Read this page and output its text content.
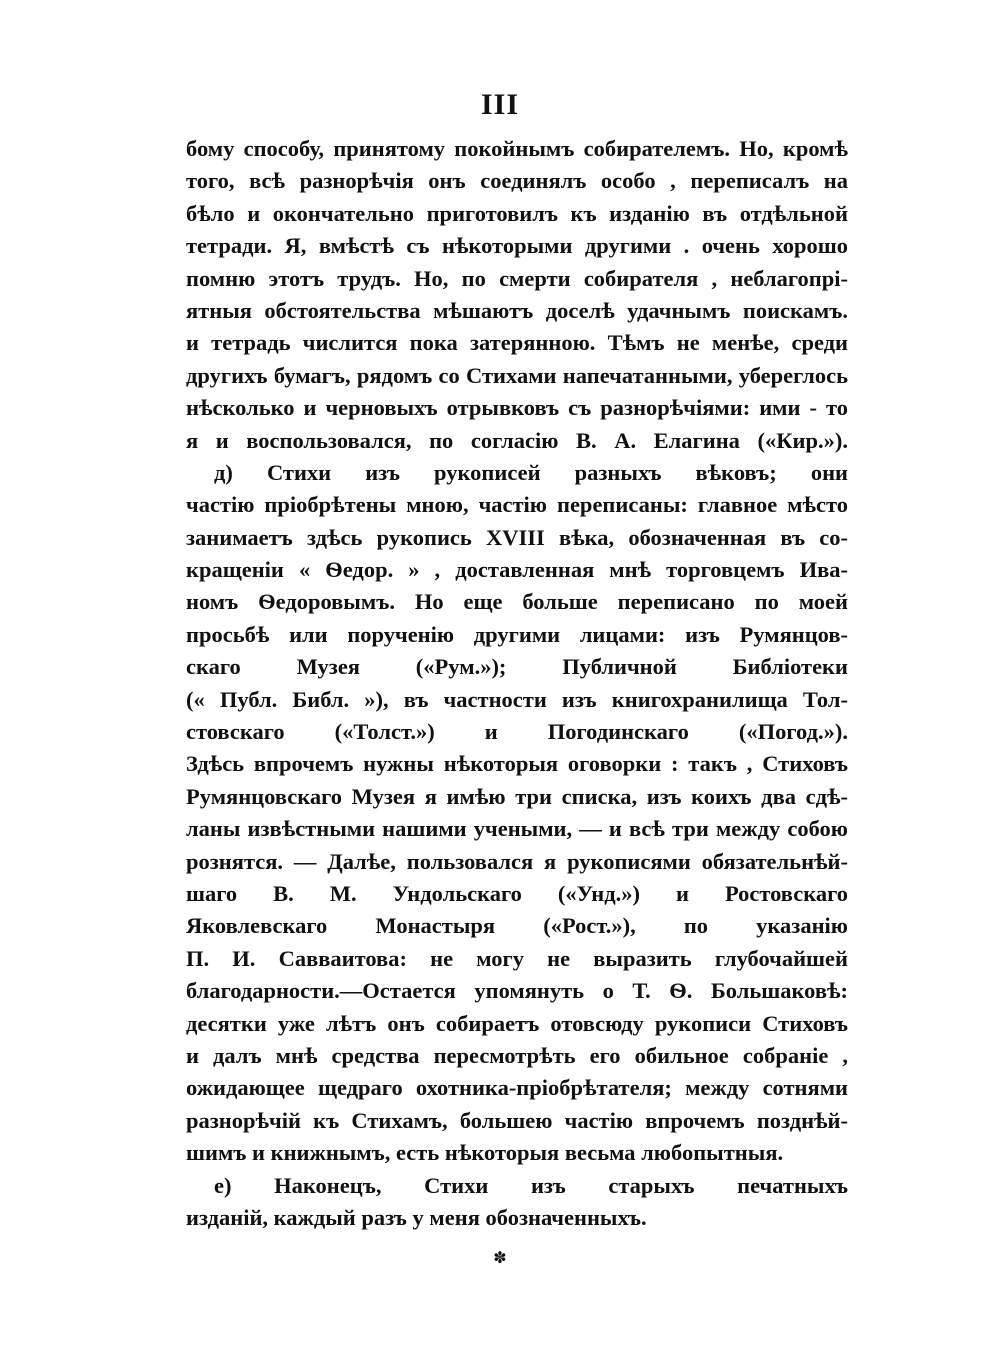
III
бому способу, принятому покойнымъ собирателемъ. Но, кромѣ
того, всѣ разнорѣчія онъ соединялъ особо , переписалъ на
бѣло и окончательно приготовилъ къ изданію въ отдѣльной
тетради. Я, вмѣстѣ съ нѣкоторыми другими . очень хорошо
помню этотъ трудъ. Но, по смерти собирателя , неблагопрі-
ятныя обстоятельства мѣшаютъ доселѣ удачнымъ поискамъ.
и тетрадь числится пока затерянною. Тѣмъ не менѣе, среди
другихъ бумагъ, рядомъ со Стихами напечатанными, уберeглось
нѣсколько и черновыхъ отрывковъ съ разнорѣчіями: ими - то
я и воспользовался, по согласію В. А. Елагина («Кир.»).
д) Стихи изъ рукописей разныхъ вѣковъ; они
частію пріобрѣтены мною, частію переписаны: главное мѣсто
занимаетъ здѣсь рукопись XVIII вѣка, обозначенная въ со-
кращеніи « Ѳедор. » , доставленная мнѣ торговцемъ Ива-
номъ Ѳедоровымъ. Но еще больше переписано по моей
просьбѣ или порученію другими лицами: изъ Румянцов-
скаго Музея («Рум.»); Публичной Библіотеки
(« Публ. Библ. »), въ частности изъ книгохранилища Тол-
стовскаго («Толст.») и Погодинскаго («Погод.»).
Здѣсь впрочемъ нужны нѣкоторыя оговорки : такъ , Стиховъ
Румянцовскаго Музея я имѣю три списка, изъ коихъ два сдѣ-
ланы извѣстными нашими учеными, — и всѣ три между собою
рознятся. — Далѣе, пользовался я рукописями обязательнѣй-
шаго В. М. Ундольскаго («Унд.») и Ростовскаго
Яковлевскаго Монастыря («Рост.»), по указанію
П. И. Савваитова: не могу не выразить глубочайшей
благодарности.—Остается упомянуть о Т. Ѳ. Большаковѣ:
десятки уже лѣтъ онъ собираетъ отовсюду рукописи Стиховъ
и далъ мнѣ средства пересмотрѣть его обильное собраніе ,
ожидающее щедраго охотника-пріобрѣтателя; между сотнями
разнорѣчій къ Стихамъ, большею частію впрочемъ позднѣй-
шимъ и книжнымъ, есть нѣкоторыя весьма любопытныя.
е) Наконецъ, Стихи изъ старыхъ печатныхъ
изданій, каждый разъ у меня обозначенныхъ.
✽
